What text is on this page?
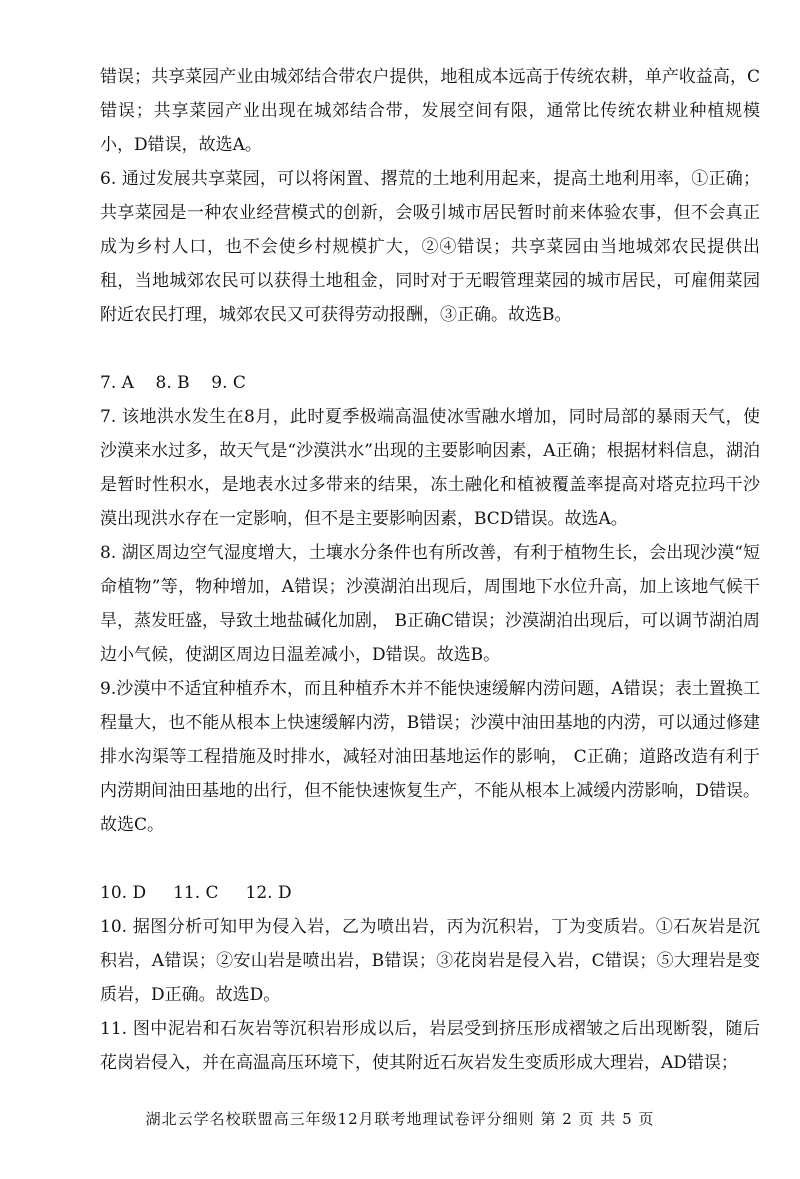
错误；共享菜园产业由城郊结合带农户提供，地租成本远高于传统农耕，单产收益高，C错误；共享菜园产业出现在城郊结合带，发展空间有限，通常比传统农耕业种植规模小，D错误，故选A。

6. 通过发展共享菜园，可以将闲置、撂荒的土地利用起来，提高土地利用率，①正确；共享菜园是一种农业经营模式的创新，会吸引城市居民暂时前来体验农事，但不会真正成为乡村人口，也不会使乡村规模扩大，②④错误；共享菜园由当地城郊农民提供出租，当地城郊农民可以获得土地租金，同时对于无暇管理菜园的城市居民，可雇佣菜园附近农民打理，城郊农民又可获得劳动报酬，③正确。故选B。

7. A    8. B    9. C

7. 该地洪水发生在8月，此时夏季极端高温使冰雪融水增加，同时局部的暴雨天气，使沙漠来水过多，故天气是“沙漠洪水”出现的主要影响因素，A正确；根据材料信息，湖泊是暂时性积水，是地表水过多带来的结果，冻土融化和植被覆盖率提高对塔克拉玛干沙漠出现洪水存在一定影响，但不是主要影响因素，BCD错误。故选A。

8. 湖区周边空气湿度增大，土壤水分条件也有所改善，有利于植物生长，会出现沙漠“短命植物”等，物种增加，A错误；沙漠湖泊出现后，周围地下水位升高，加上该地气候干旱，蒸发旺盛，导致土地盐碱化加剧， B正确C错误；沙漠湖泊出现后，可以调节湖泊周边小气候，使湖区周边日温差减小，D错误。故选B。

9.沙漠中不适宜种植乔木，而且种植乔木并不能快速缓解内涝问题，A错误；表土置换工程量大，也不能从根本上快速缓解内涝，B错误；沙漠中油田基地的内涝，可以通过修建排水沟渠等工程措施及时排水，减轻对油田基地运作的影响， C正确；道路改造有利于内涝期间油田基地的出行，但不能快速恢复生产，不能从根本上减缓内涝影响，D错误。故选C。

10. D     11. C     12. D

10. 据图分析可知甲为侵入岩，乙为喷出岩，丙为沉积岩，丁为变质岩。①石灰岩是沉积岩，A错误；②安山岩是喷出岩，B错误；③花岗岩是侵入岩，C错误；⑤大理岩是变质岩，D正确。故选D。

11. 图中泥岩和石灰岩等沉积岩形成以后，岩层受到挤压形成褶皱之后出现断裂，随后花岗岩侵入，并在高温高压环境下，使其附近石灰岩发生变质形成大理岩，AD错误；

湖北云学名校联盟高三年级12月联考地理试卷评分细则 第 2 页 共 5 页
